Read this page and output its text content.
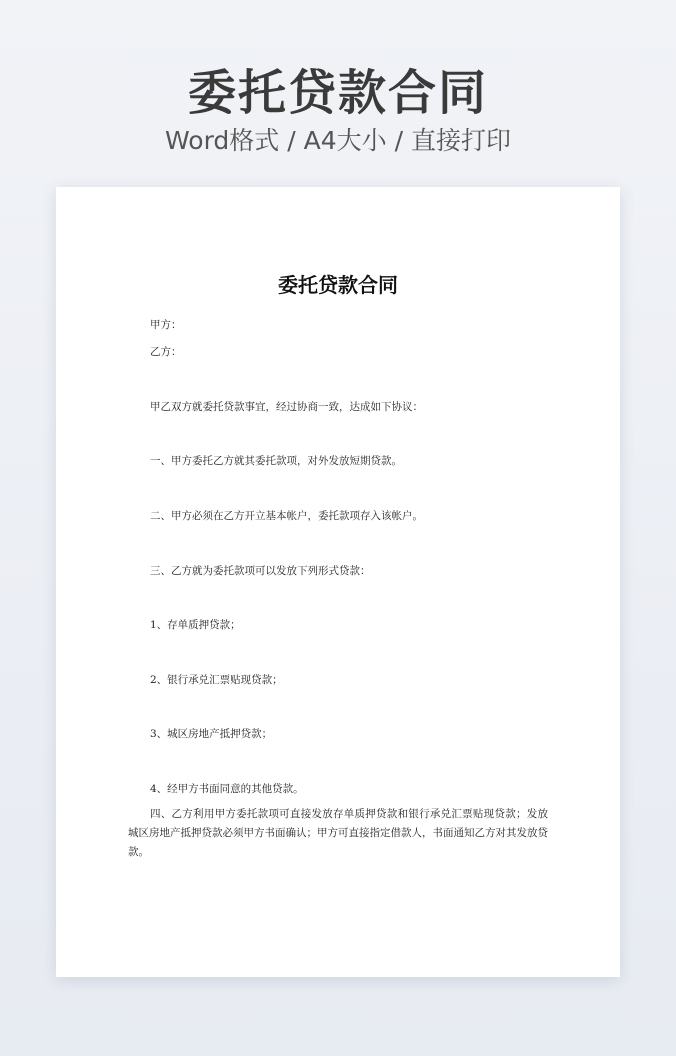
委托贷款合同
Word格式 / A4大小 / 直接打印
委托贷款合同
甲方：
乙方：
甲乙双方就委托贷款事宜，经过协商一致，达成如下协议：
一、甲方委托乙方就其委托款项，对外发放短期贷款。
二、甲方必须在乙方开立基本帐户，委托款项存入该帐户。
三、乙方就为委托款项可以发放下列形式贷款：
1、存单质押贷款；
2、银行承兑汇票贴现贷款；
3、城区房地产抵押贷款；
4、经甲方书面同意的其他贷款。
四、乙方利用甲方委托款项可直接发放存单质押贷款和银行承兑汇票贴现贷款；发放城区房地产抵押贷款必须甲方书面确认；甲方可直接指定借款人，书面通知乙方对其发放贷款。
